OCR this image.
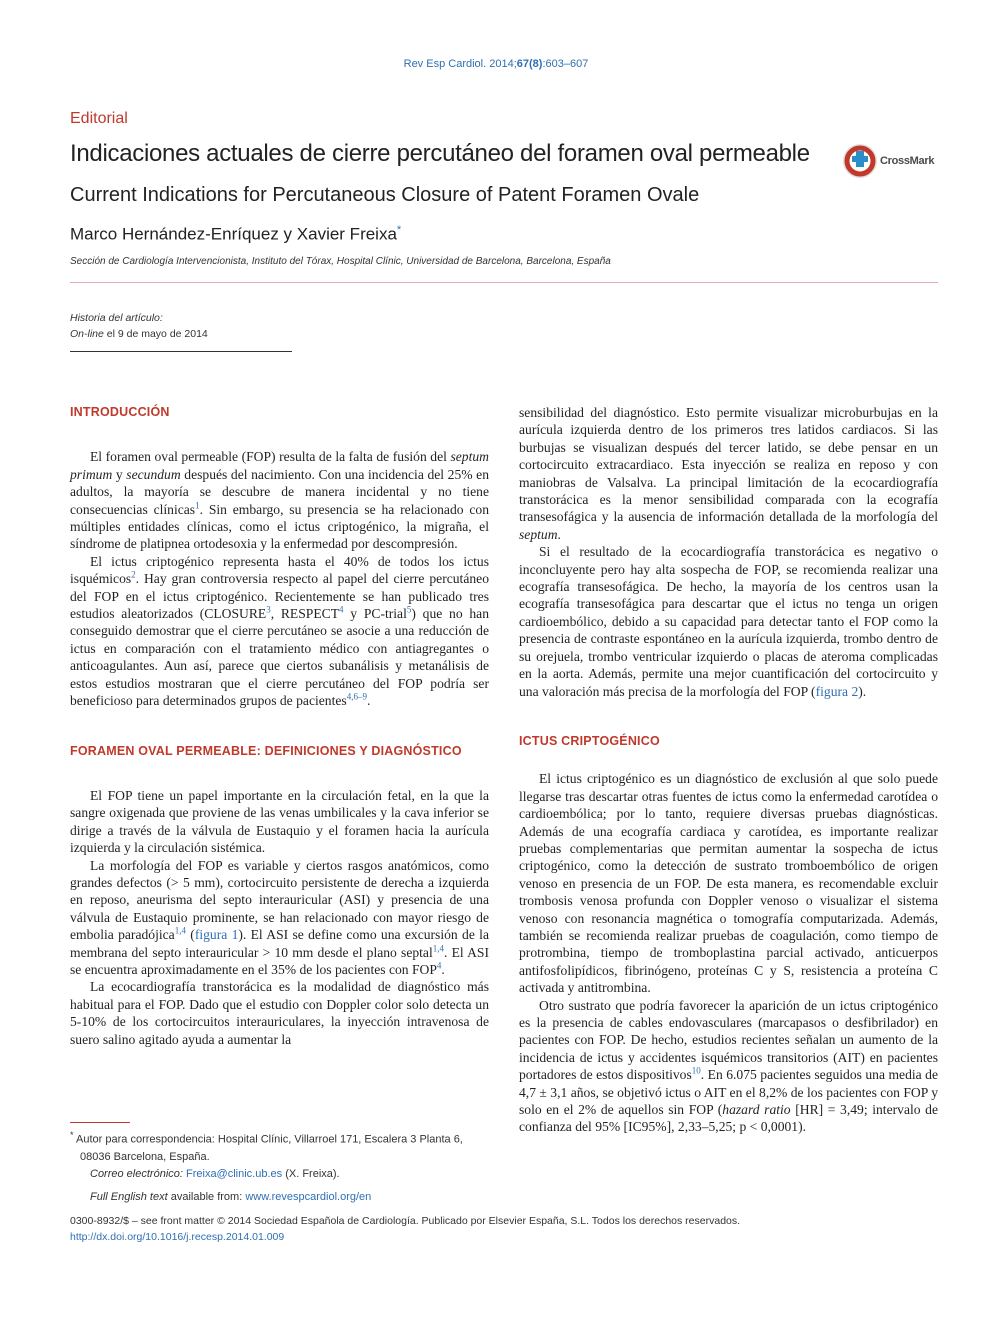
Rev Esp Cardiol. 2014;67(8):603–607
Editorial
Indicaciones actuales de cierre percutáneo del foramen oval permeable
Current Indications for Percutaneous Closure of Patent Foramen Ovale
CrossMark
Marco Hernández-Enríquez y Xavier Freixa*
Sección de Cardiología Intervencionista, Instituto del Tórax, Hospital Clínic, Universidad de Barcelona, Barcelona, España
Historia del artículo:
On-line el 9 de mayo de 2014
INTRODUCCIÓN

El foramen oval permeable (FOP) resulta de la falta de fusión del septum primum y secundum después del nacimiento. Con una incidencia del 25% en adultos, la mayoría se descubre de manera incidental y no tiene consecuencias clínicas$^1$. Sin embargo, su presencia se ha relacionado con múltiples entidades clínicas, como el ictus criptogénico, la migraña, el síndrome de platipnea ortodesoxia y la enfermedad por descompresión.

El ictus criptogénico representa hasta el 40% de todos los ictus isquémicos$^2$. Hay gran controversia respecto al papel del cierre percutáneo del FOP en el ictus criptogénico. Recientemente se han publicado tres estudios aleatorizados (CLOSURE$^3$, RESPECT$^4$ y PC-trial$^5$) que no han conseguido demostrar que el cierre percutáneo se asocie a una reducción de ictus en comparación con el tratamiento médico con antiagregantes o anticoagulantes. Aun así, parece que ciertos subanálisis y metanálisis de estos estudios mostraran que el cierre percutáneo del FOP podría ser beneficioso para determinados grupos de pacientes$^{4,6-9}$.

FORAMEN OVAL PERMEABLE: DEFINICIONES Y DIAGNÓSTICO

El FOP tiene un papel importante en la circulación fetal, en la que la sangre oxigenada que proviene de las venas umbilicales y la cava inferior se dirige a través de la válvula de Eustaquio y el foramen hacia la aurícula izquierda y la circulación sistémica.

La morfología del FOP es variable y ciertos rasgos anatómicos, como grandes defectos (> 5 mm), cortocircuito persistente de derecha a izquierda en reposo, aneurisma del septo interauricular (ASI) y presencia de una válvula de Eustaquio prominente, se han relacionado con mayor riesgo de embolia paradójica$^{1,4}$ (figura 1). El ASI se define como una excursión de la membrana del septo interauricular > 10 mm desde el plano septal$^{1,4}$. El ASI se encuentra aproximadamente en el 35% de los pacientes con FOP$^4$.

La ecocardiografía transtorácica es la modalidad de diagnóstico más habitual para el FOP. Dado que el estudio con Doppler color solo detecta un 5-10% de los cortocircuitos interauriculares, la inyección intravenosa de suero salino agitado ayuda a aumentar la

* Autor para correspondencia: Hospital Clínic, Villarroel 171, Escalera 3 Planta 6, 08036 Barcelona, España.
Correo electrónico: Freixa@clinic.ub.es (X. Freixa).
Full English text available from: www.revespcardiol.org/en

sensibilidad del diagnóstico. Esto permite visualizar microburbujas en la aurícula izquierda dentro de los primeros tres latidos cardiacos. Si las burbujas se visualizan después del tercer latido, se debe pensar en un cortocircuito extracardiaco. Esta inyección se realiza en reposo y con maniobras de Valsalva. La principal limitación de la ecocardiografía transtorácica es la menor sensibilidad comparada con la ecografía transesofágica y la ausencia de información detallada de la morfología del septum.

Si el resultado de la ecocardiografía transtorácica es negativo o inconcluyente pero hay alta sospecha de FOP, se recomienda realizar una ecografía transesofágica. De hecho, la mayoría de los centros usan la ecografía transesofágica para descartar que el ictus no tenga un origen cardioembólico, debido a su capacidad para detectar tanto el FOP como la presencia de contraste espontáneo en la aurícula izquierda, trombo dentro de su orejuela, trombo ventricular izquierdo o placas de ateroma complicadas en la aorta. Además, permite una mejor cuantificación del cortocircuito y una valoración más precisa de la morfología del FOP (figura 2).

ICTUS CRIPTOGÉNICO

El ictus criptogénico es un diagnóstico de exclusión al que solo puede llegarse tras descartar otras fuentes de ictus como la enfermedad carotídea o cardioembólica; por lo tanto, requiere diversas pruebas diagnósticas. Además de una ecografía cardiaca y carotídea, es importante realizar pruebas complementarias que permitan aumentar la sospecha de ictus criptogénico, como la detección de sustrato tromboembólico de origen venoso en presencia de un FOP. De esta manera, es recomendable excluir trombosis venosa profunda con Doppler venoso o visualizar el sistema venoso con resonancia magnética o tomografía computarizada. Además, también se recomienda realizar pruebas de coagulación, como tiempo de protrombina, tiempo de tromboplastina parcial activado, anticuerpos antifosfolipídicos, fibrinógeno, proteínas C y S, resistencia a proteína C activada y antitrombina.

Otro sustrato que podría favorecer la aparición de un ictus criptogénico es la presencia de cables endovasculares (marcapasos o desfibrilador) en pacientes con FOP. De hecho, estudios recientes señalan un aumento de la incidencia de ictus y accidentes isquémicos transitorios (AIT) en pacientes portadores de estos dispositivos$^{10}$. En 6.075 pacientes seguidos una media de 4,7 ± 3,1 años, se objetivó ictus o AIT en el 8,2% de los pacientes con FOP y solo en el 2% de aquellos sin FOP (hazard ratio [HR] = 3,49; intervalo de confianza del 95% [IC95%], 2,33–5,25; p < 0,0001).

0300-8932/$ – see front matter © 2014 Sociedad Española de Cardiología. Publicado por Elsevier España, S.L. Todos los derechos reservados.
http://dx.doi.org/10.1016/j.recesp.2014.01.009
